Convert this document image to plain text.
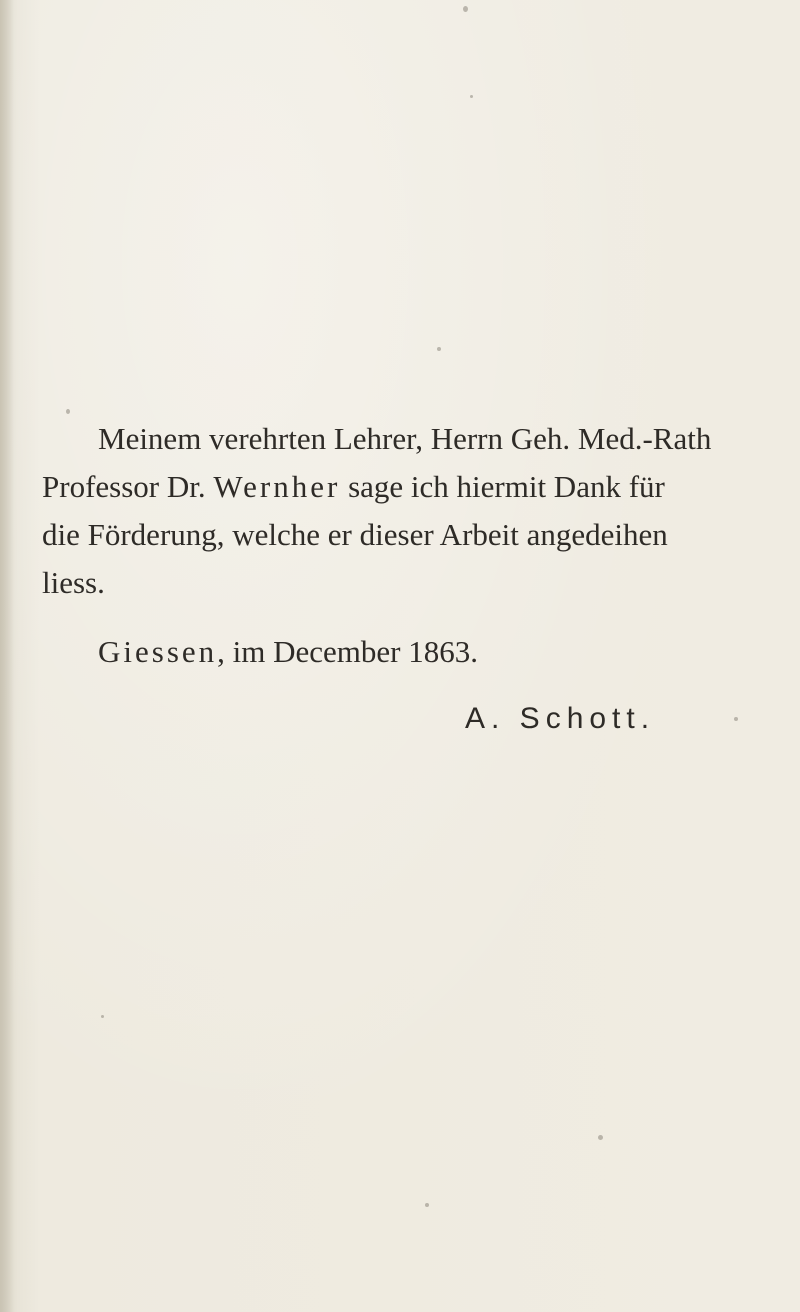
Meinem verehrten Lehrer, Herrn Geh. Med.-Rath
Professor Dr. Wernher sage ich hiermit Dank für
die Förderung, welche er dieser Arbeit angedeihen
liess.
Giessen, im December 1863.
A. Schott.
